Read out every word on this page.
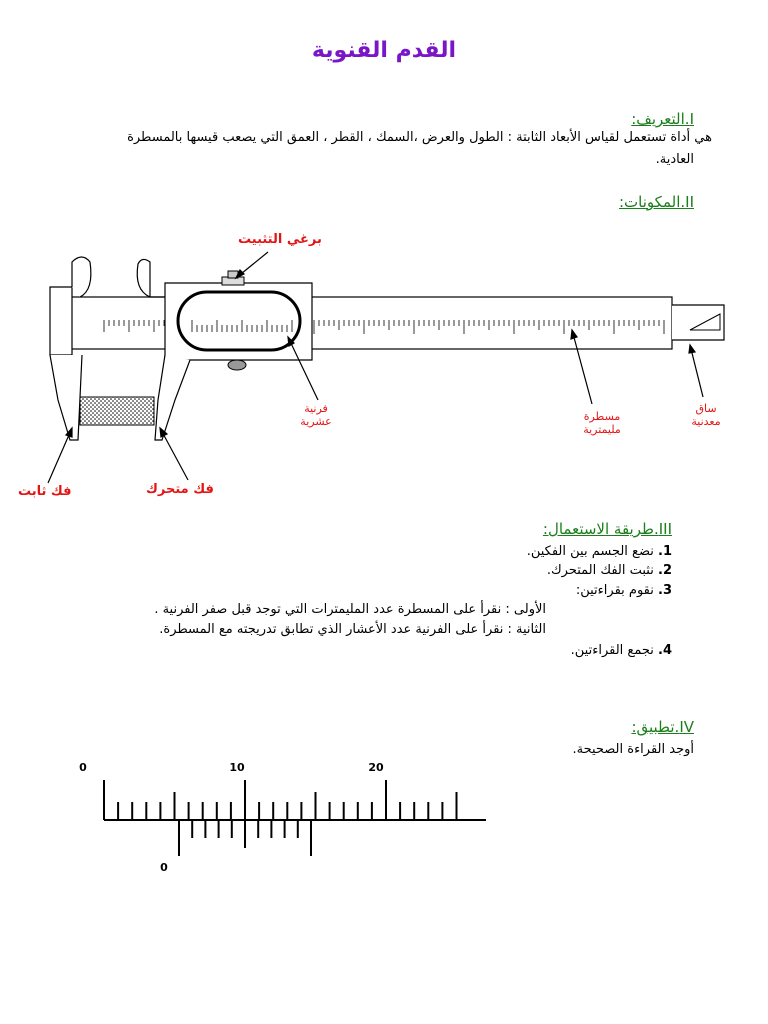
القدم القنوية
I.التعريف:
هي أداة تستعمل لقياس الأبعاد الثابتة : الطول والعرض ،السمك ، القطر ، العمق التي يصعب قيسها بالمسطرة
العادية.
II.المكونات:
برغي التثبيت
فرنية عشرية	مسطرة
مليمترية
ساق
معدنية
فك ثابت	فك متحرك
III.طريقة الاستعمال:
1. نضع الجسم بين الفكين.
2. نثبت الفك المتحرك.
3. نقوم بقراءتين:
الأولى : نقرأ على المسطرة عدد المليمترات التي توجد قبل صفر الفرنية .
الثانية : نقرأ على الفرنية عدد الأعشار الذي تطابق تدريجته مع المسطرة.
4. نجمع القراءتين.
IV.تطبيق:
أوجد القراءة الصحيحة.
0	10	20
0
